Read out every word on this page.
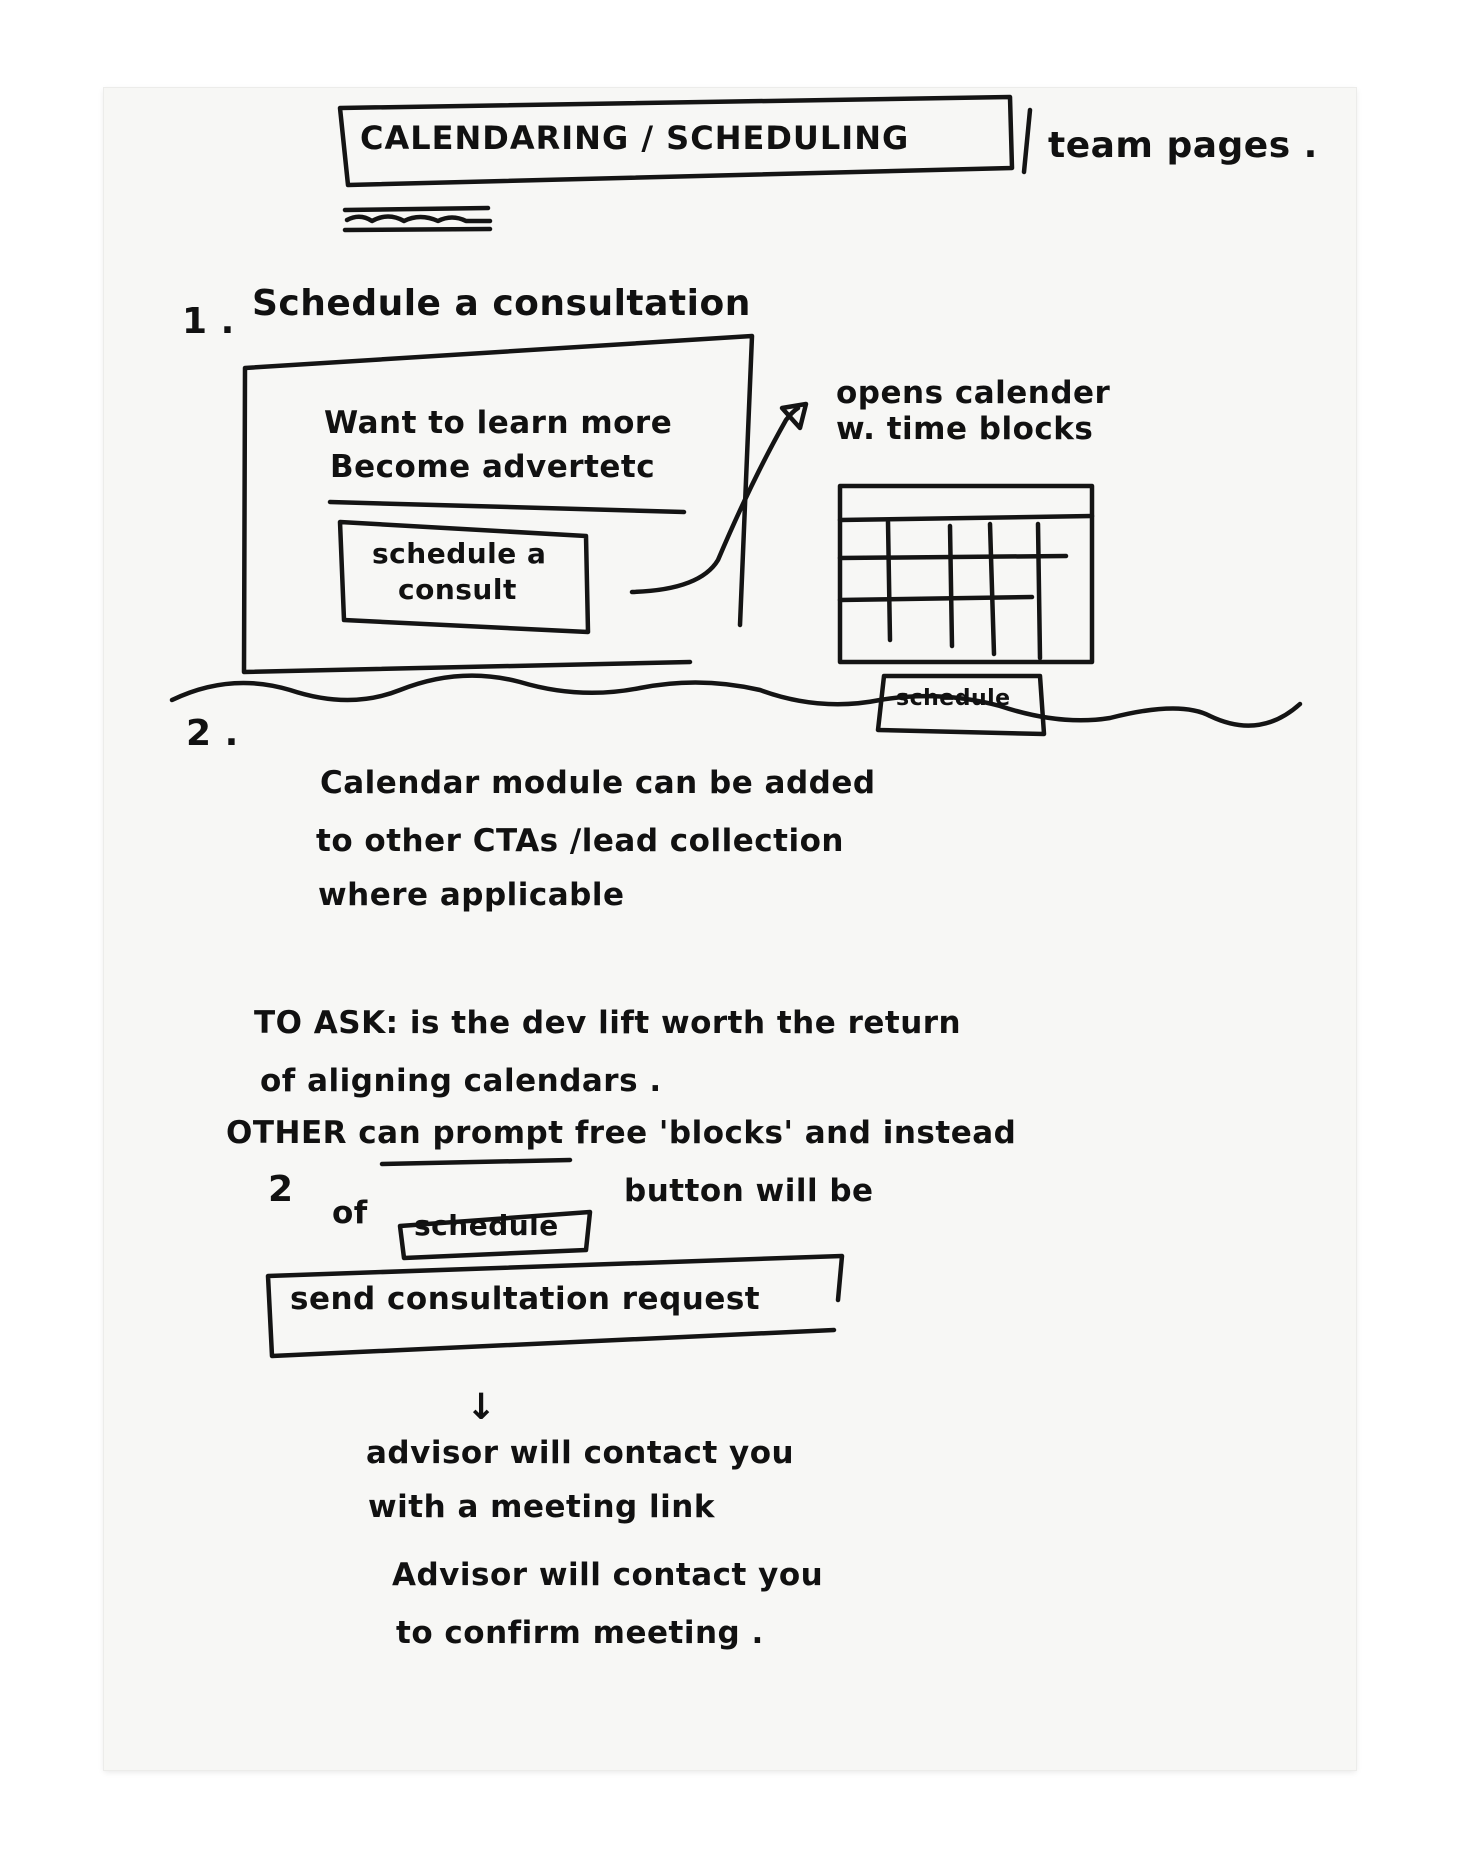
CALENDARING / SCHEDULING	team pages .

1 . Schedule a consultation

Want to learn more

Become advertetc

schedule a

consult

opens calender

w. time blocks

schedule

2 .

Calendar module can be added

to other CTAs /lead collection

where applicable

TO ASK: is the dev lift worth the return

of aligning calendars .

OTHER can prompt free 'blocks' and instead

2

of schedule

button will be

send consultation request

↓

advisor will contact you

with a meeting link

Advisor will contact you

to confirm meeting .
